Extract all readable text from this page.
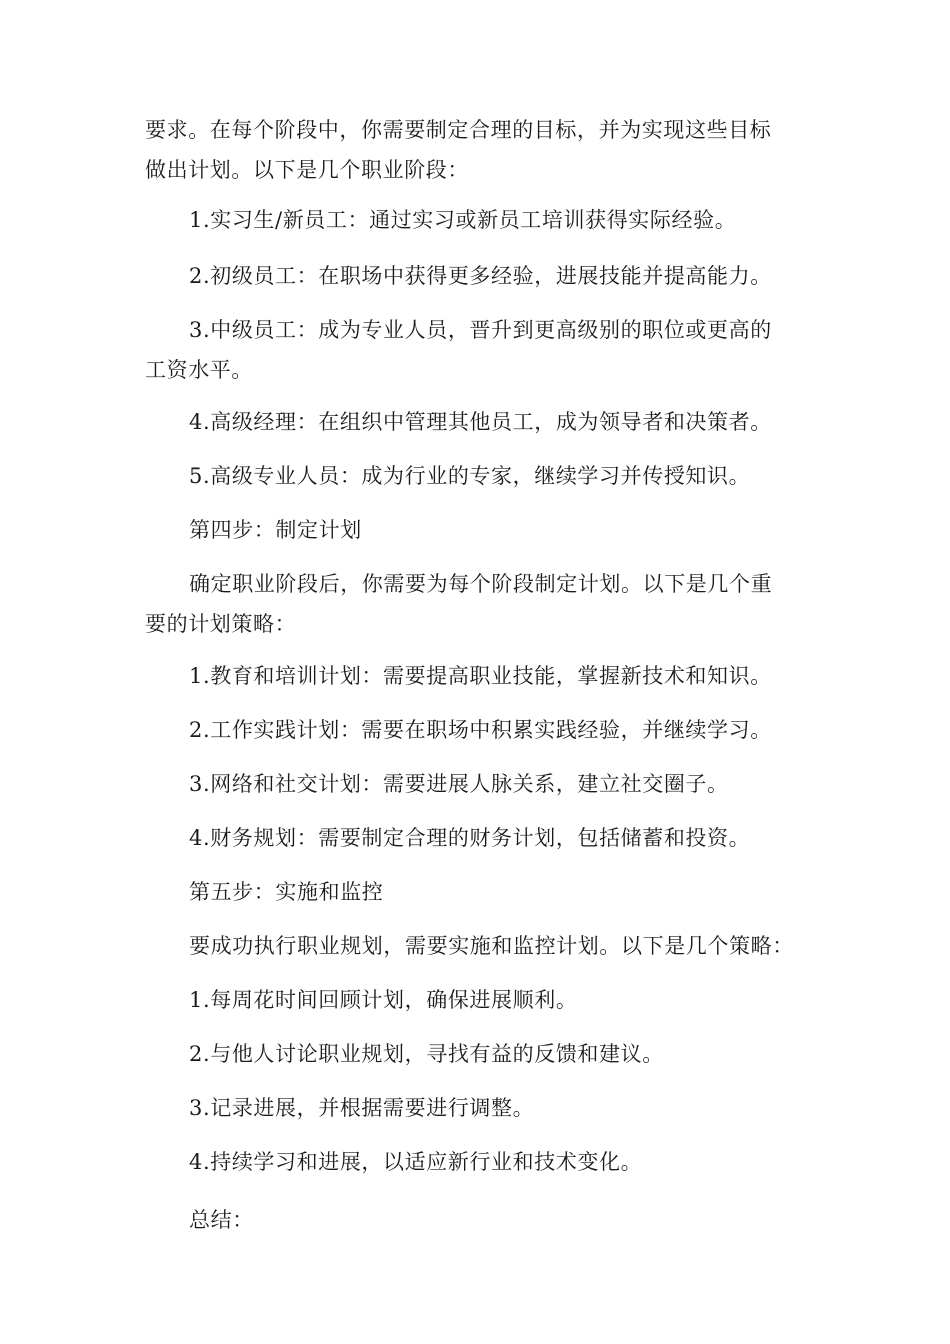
要求。在每个阶段中，你需要制定合理的目标，并为实现这些目标
做出计划。以下是几个职业阶段：
1.实习生/新员工：通过实习或新员工培训获得实际经验。
2.初级员工：在职场中获得更多经验，进展技能并提高能力。
3.中级员工：成为专业人员，晋升到更高级别的职位或更高的
工资水平。
4.高级经理：在组织中管理其他员工，成为领导者和决策者。
5.高级专业人员：成为行业的专家，继续学习并传授知识。
第四步：制定计划
确定职业阶段后，你需要为每个阶段制定计划。以下是几个重
要的计划策略：
1.教育和培训计划：需要提高职业技能，掌握新技术和知识。
2.工作实践计划：需要在职场中积累实践经验，并继续学习。
3.网络和社交计划：需要进展人脉关系，建立社交圈子。
4.财务规划：需要制定合理的财务计划，包括储蓄和投资。
第五步：实施和监控
要成功执行职业规划，需要实施和监控计划。以下是几个策略：
1.每周花时间回顾计划，确保进展顺利。
2.与他人讨论职业规划，寻找有益的反馈和建议。
3.记录进展，并根据需要进行调整。
4.持续学习和进展，以适应新行业和技术变化。
总结：
